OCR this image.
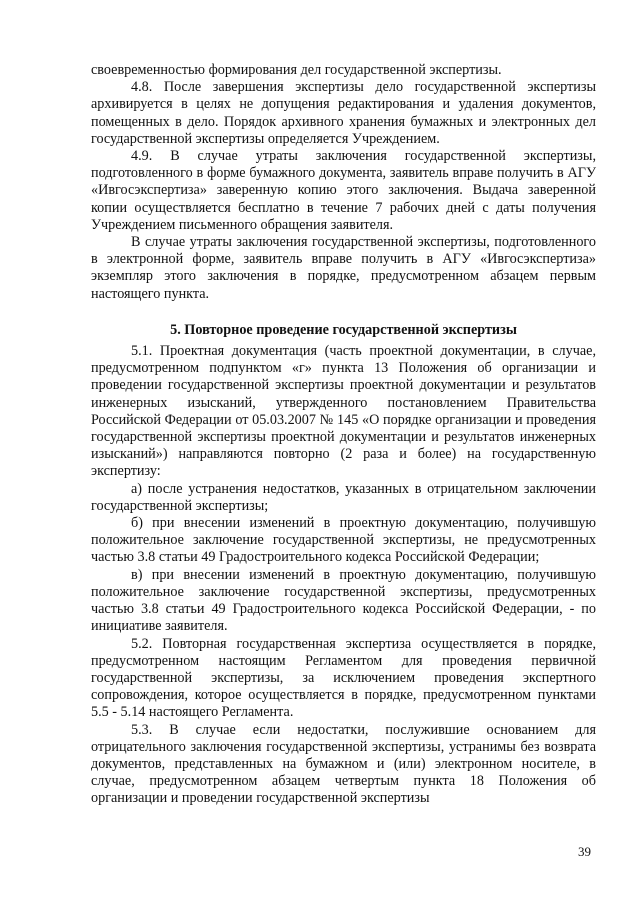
своевременностью формирования дел государственной экспертизы.

4.8. После завершения экспертизы дело государственной экспертизы архивируется в целях не допущения редактирования и удаления документов, помещенных в дело. Порядок архивного хранения бумажных и электронных дел государственной экспертизы определяется Учреждением.

4.9. В случае утраты заключения государственной экспертизы, подготовленного в форме бумажного документа, заявитель вправе получить в АГУ «Ивгосэкспертиза» заверенную копию этого заключения. Выдача заверенной копии осуществляется бесплатно в течение 7 рабочих дней с даты получения Учреждением письменного обращения заявителя.

В случае утраты заключения государственной экспертизы, подготовленного в электронной форме, заявитель вправе получить в АГУ «Ивгосэкспертиза» экземпляр этого заключения в порядке, предусмотренном абзацем первым настоящего пункта.

5. Повторное проведение государственной экспертизы

5.1. Проектная документация (часть проектной документации, в случае, предусмотренном подпунктом «г» пункта 13 Положения об организации и проведении государственной экспертизы проектной документации и результатов инженерных изысканий, утвержденного постановлением Правительства Российской Федерации от 05.03.2007 № 145 «О порядке организации и проведения государственной экспертизы проектной документации и результатов инженерных изысканий») направляются повторно (2 раза и более) на государственную экспертизу:

а) после устранения недостатков, указанных в отрицательном заключении государственной экспертизы;

б) при внесении изменений в проектную документацию, получившую положительное заключение государственной экспертизы, не предусмотренных частью 3.8 статьи 49 Градостроительного кодекса Российской Федерации;

в) при внесении изменений в проектную документацию, получившую положительное заключение государственной экспертизы, предусмотренных частью 3.8 статьи 49 Градостроительного кодекса Российской Федерации, - по инициативе заявителя.

5.2. Повторная государственная экспертиза осуществляется в порядке, предусмотренном настоящим Регламентом для проведения первичной государственной экспертизы, за исключением проведения экспертного сопровождения, которое осуществляется в порядке, предусмотренном пунктами 5.5 - 5.14 настоящего Регламента.

5.3. В случае если недостатки, послужившие основанием для отрицательного заключения государственной экспертизы, устранимы без возврата документов, представленных на бумажном и (или) электронном носителе, в случае, предусмотренном абзацем четвертым пункта 18 Положения об организации и проведении государственной экспертизы

39
